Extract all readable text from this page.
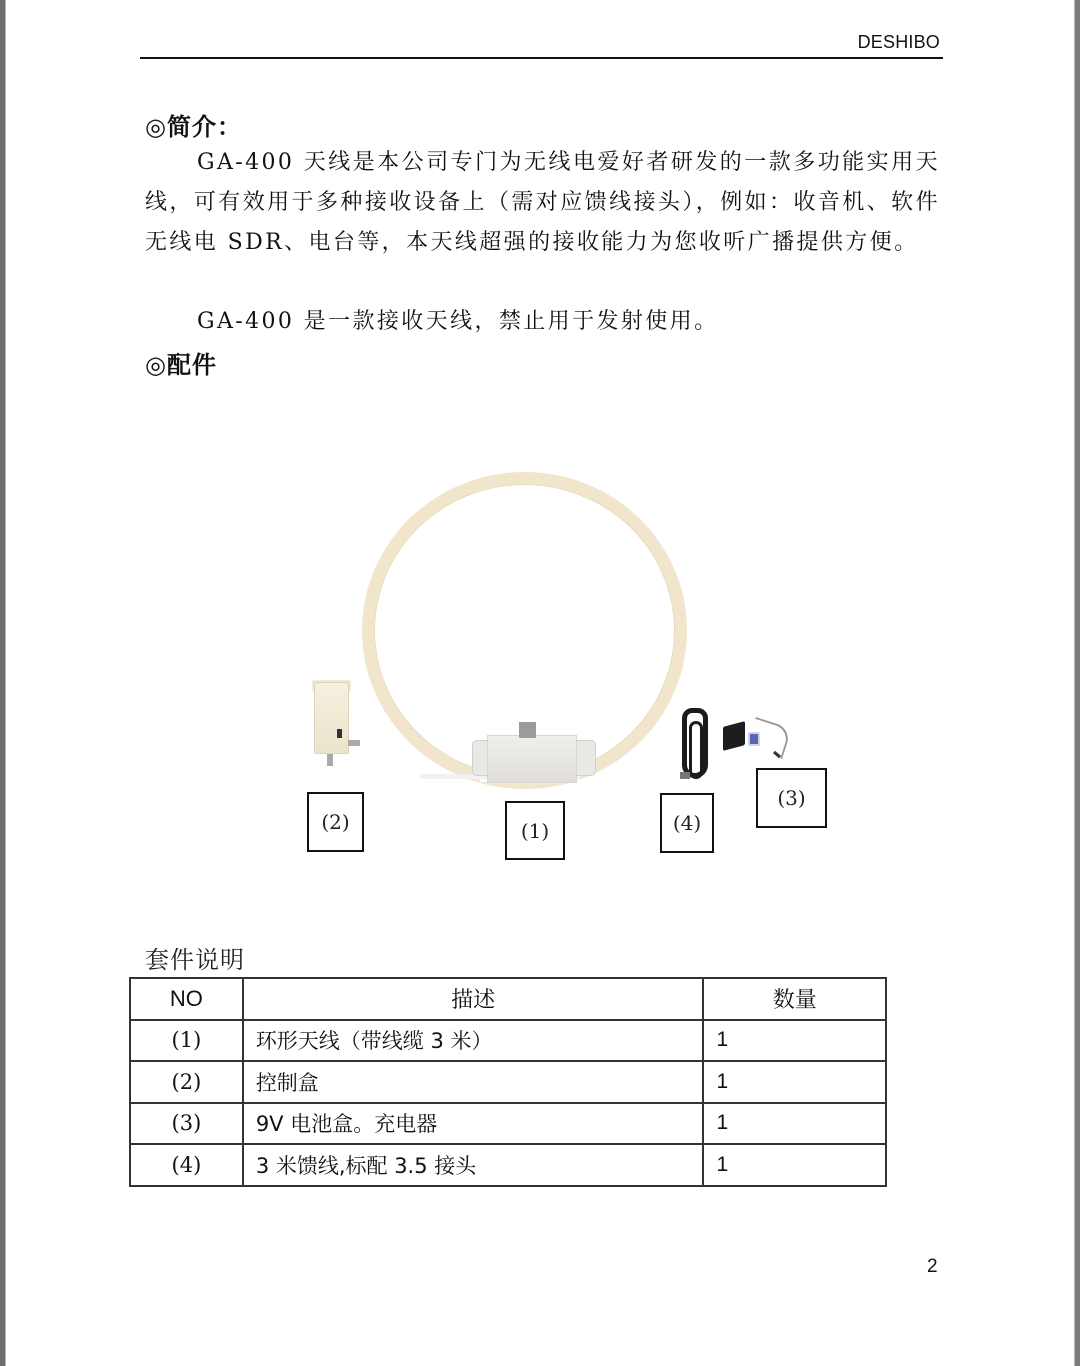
DESHIBO
◎简介：
GA-400 天线是本公司专门为无线电爱好者研发的一款多功能实用天线，可有效用于多种接收设备上（需对应馈线接头），例如：收音机、软件无线电 SDR、电台等，本天线超强的接收能力为您收听广播提供方便。
GA-400 是一款接收天线，禁止用于发射使用。
◎配件
(2)	(1)	(4)
(3)
套件说明
NO	描述	数量
(1)	环形天线（带线缆 3 米）	1
(2)	控制盒	1
(3)	9V 电池盒。充电器	1
(4)	3 米馈线,标配 3.5 接头	1
2
